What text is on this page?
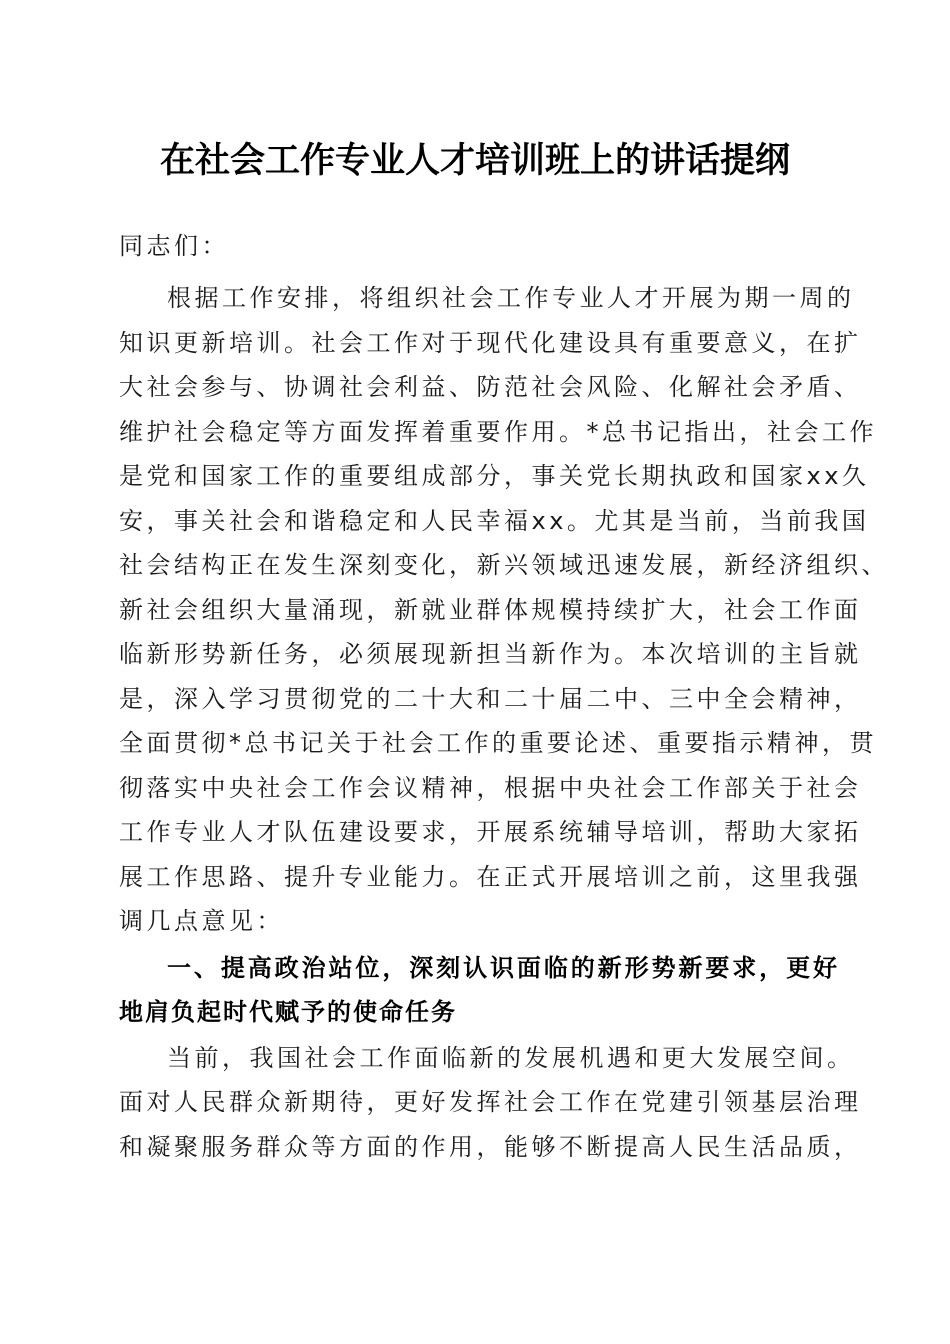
在社会工作专业人才培训班上的讲话提纲
同志们：
根据工作安排，将组织社会工作专业人才开展为期一周的
知识更新培训。社会工作对于现代化建设具有重要意义，在扩
大社会参与、协调社会利益、防范社会风险、化解社会矛盾、
维护社会稳定等方面发挥着重要作用。*总书记指出，社会工作
是党和国家工作的重要组成部分，事关党长期执政和国家xx久
安，事关社会和谐稳定和人民幸福xx。尤其是当前，当前我国
社会结构正在发生深刻变化，新兴领域迅速发展，新经济组织、
新社会组织大量涌现，新就业群体规模持续扩大，社会工作面
临新形势新任务，必须展现新担当新作为。本次培训的主旨就
是，深入学习贯彻党的二十大和二十届二中、三中全会精神，
全面贯彻*总书记关于社会工作的重要论述、重要指示精神，贯
彻落实中央社会工作会议精神，根据中央社会工作部关于社会
工作专业人才队伍建设要求，开展系统辅导培训，帮助大家拓
展工作思路、提升专业能力。在正式开展培训之前，这里我强
调几点意见：
一、提高政治站位，深刻认识面临的新形势新要求，更好
地肩负起时代赋予的使命任务
当前，我国社会工作面临新的发展机遇和更大发展空间。
面对人民群众新期待，更好发挥社会工作在党建引领基层治理
和凝聚服务群众等方面的作用，能够不断提高人民生活品质，
